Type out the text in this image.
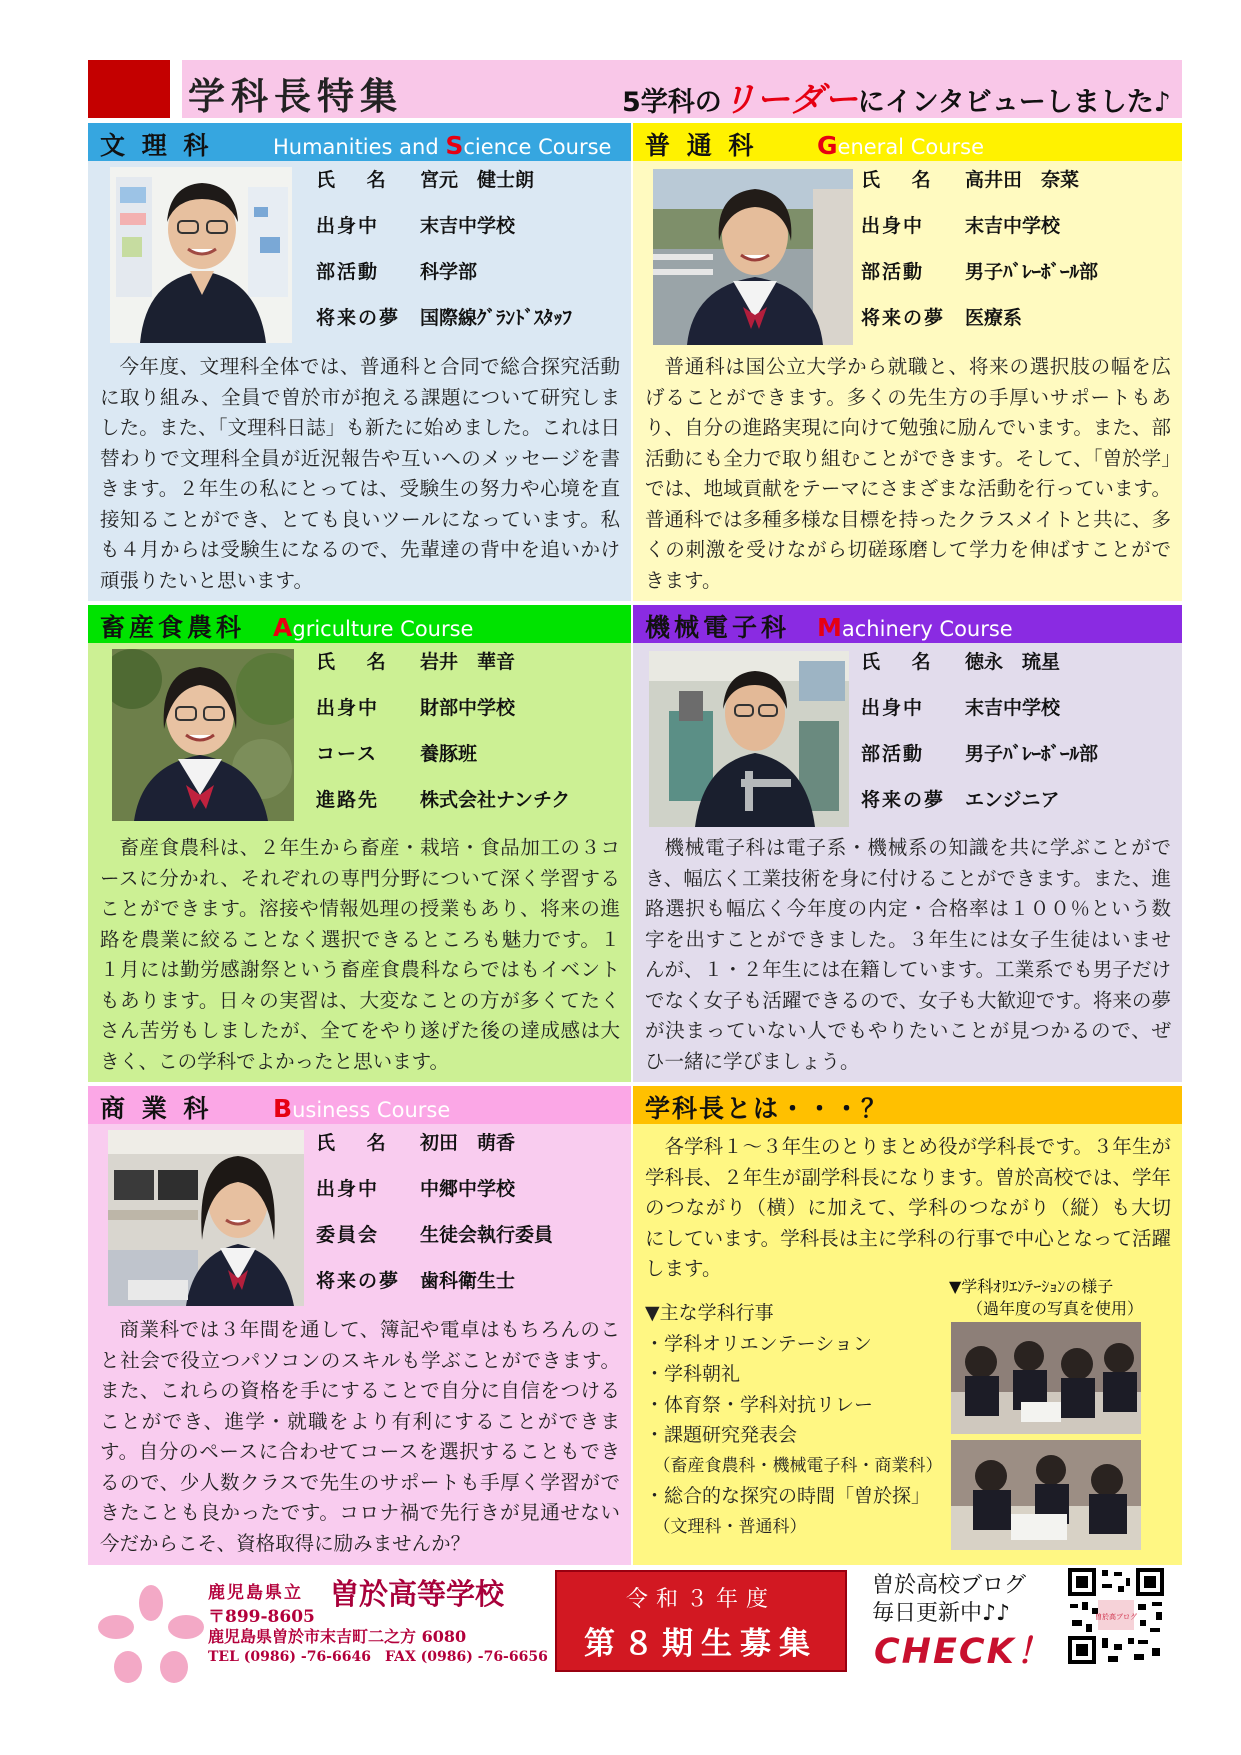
学科長特集	5学科のリーダーにインタビューしました♪
文 理 科	Humanities and Science Course
氏　 名 宮元　健士朗
出身中 末吉中学校
部活動 科学部
将来の夢 国際線ｸﾞﾗﾝﾄﾞｽﾀｯﾌ
今年度、文理科全体では、普通科と合同で総合探究活動に取り組み、全員で曽於市が抱える課題について研究しました。また、「文理科日誌」も新たに始めました。これは日替わりで文理科全員が近況報告や互いへのメッセージを書きます。２年生の私にとっては、受験生の努力や心境を直接知ることができ、とても良いツールになっています。私も４月からは受験生になるので、先輩達の背中を追いかけ頑張りたいと思います。
普 通 科 General Course
氏　 名 高井田　奈菜
出身中 末吉中学校
部活動 男子ﾊﾞﾚｰﾎﾞｰﾙ部
将来の夢 医療系
普通科は国公立大学から就職と、将来の選択肢の幅を広げることができます。多くの先生方の手厚いサポートもあり、自分の進路実現に向けて勉強に励んでいます。また、部活動にも全力で取り組むことができます。そして、「曽於学」では、地域貢献をテーマにさまざまな活動を行っています。普通科では多種多様な目標を持ったクラスメイトと共に、多くの刺激を受けながら切磋琢磨して学力を伸ばすことができます。
畜産食農科 Agriculture Course
氏　 名 岩井　華音
出身中 財部中学校
コース 養豚班
進路先 株式会社ナンチク
畜産食農科は、２年生から畜産・栽培・食品加工の３コースに分かれ、それぞれの専門分野について深く学習することができます。溶接や情報処理の授業もあり、将来の進路を農業に絞ることなく選択できるところも魅力です。１１月には勤労感謝祭という畜産食農科ならではもイベントもあります。日々の実習は、大変なことの方が多くてたくさん苦労もしましたが、全てをやり遂げた後の達成感は大きく、この学科でよかったと思います。
機械電子科 Machinery Course
氏　 名 徳永　琉星
出身中 末吉中学校
部活動 男子ﾊﾞﾚｰﾎﾞｰﾙ部
将来の夢 エンジニア
機械電子科は電子系・機械系の知識を共に学ぶことができ、幅広く工業技術を身に付けることができます。また、進路選択も幅広く今年度の内定・合格率は１００％という数字を出すことができました。３年生には女子生徒はいませんが、１・２年生には在籍しています。工業系でも男子だけでなく女子も活躍できるので、女子も大歓迎です。将来の夢が決まっていない人でもやりたいことが見つかるので、ぜひ一緒に学びましょう。
商 業 科 Business Course
氏　 名 初田　萌香
出身中 中郷中学校
委員会 生徒会執行委員
将来の夢 歯科衛生士
商業科では３年間を通して、簿記や電卓はもちろんのこと社会で役立つパソコンのスキルも学ぶことができます。また、これらの資格を手にすることで自分に自信をつけることができ、進学・就職をより有利にすることができます。自分のペースに合わせてコースを選択することもできるので、少人数クラスで先生のサポートも手厚く学習ができたことも良かったです。コロナ禍で先行きが見通せない今だからこそ、資格取得に励みませんか？
学科長とは・・・？
各学科１～３年生のとりまとめ役が学科長です。３年生が学科長、２年生が副学科長になります。曽於高校では、学年のつながり（横）に加えて、学科のつながり（縦）も大切にしています。学科長は主に学科の行事で中心となって活躍します。
▼主な学科行事
・学科オリエンテーション
・学科朝礼
・体育祭・学科対抗リレー
・課題研究発表会
　（畜産食農科・機械電子科・商業科）
・総合的な探究の時間「曽於探」
　（文理科・普通科）
▼学科ｵﾘｴﾝﾃｰｼｮﾝの様子
（過年度の写真を使用）
高
鹿児島県立 曽於高等学校
〒899-8605
鹿児島県曽於市末吉町二之方 6080
TEL (0986) -76-6646　FAX (0986) -76-6656
令和３年度
第８期生募集
曽於高校ブログ
毎日更新中♪♪
CHECK！
曽於高ブログ
